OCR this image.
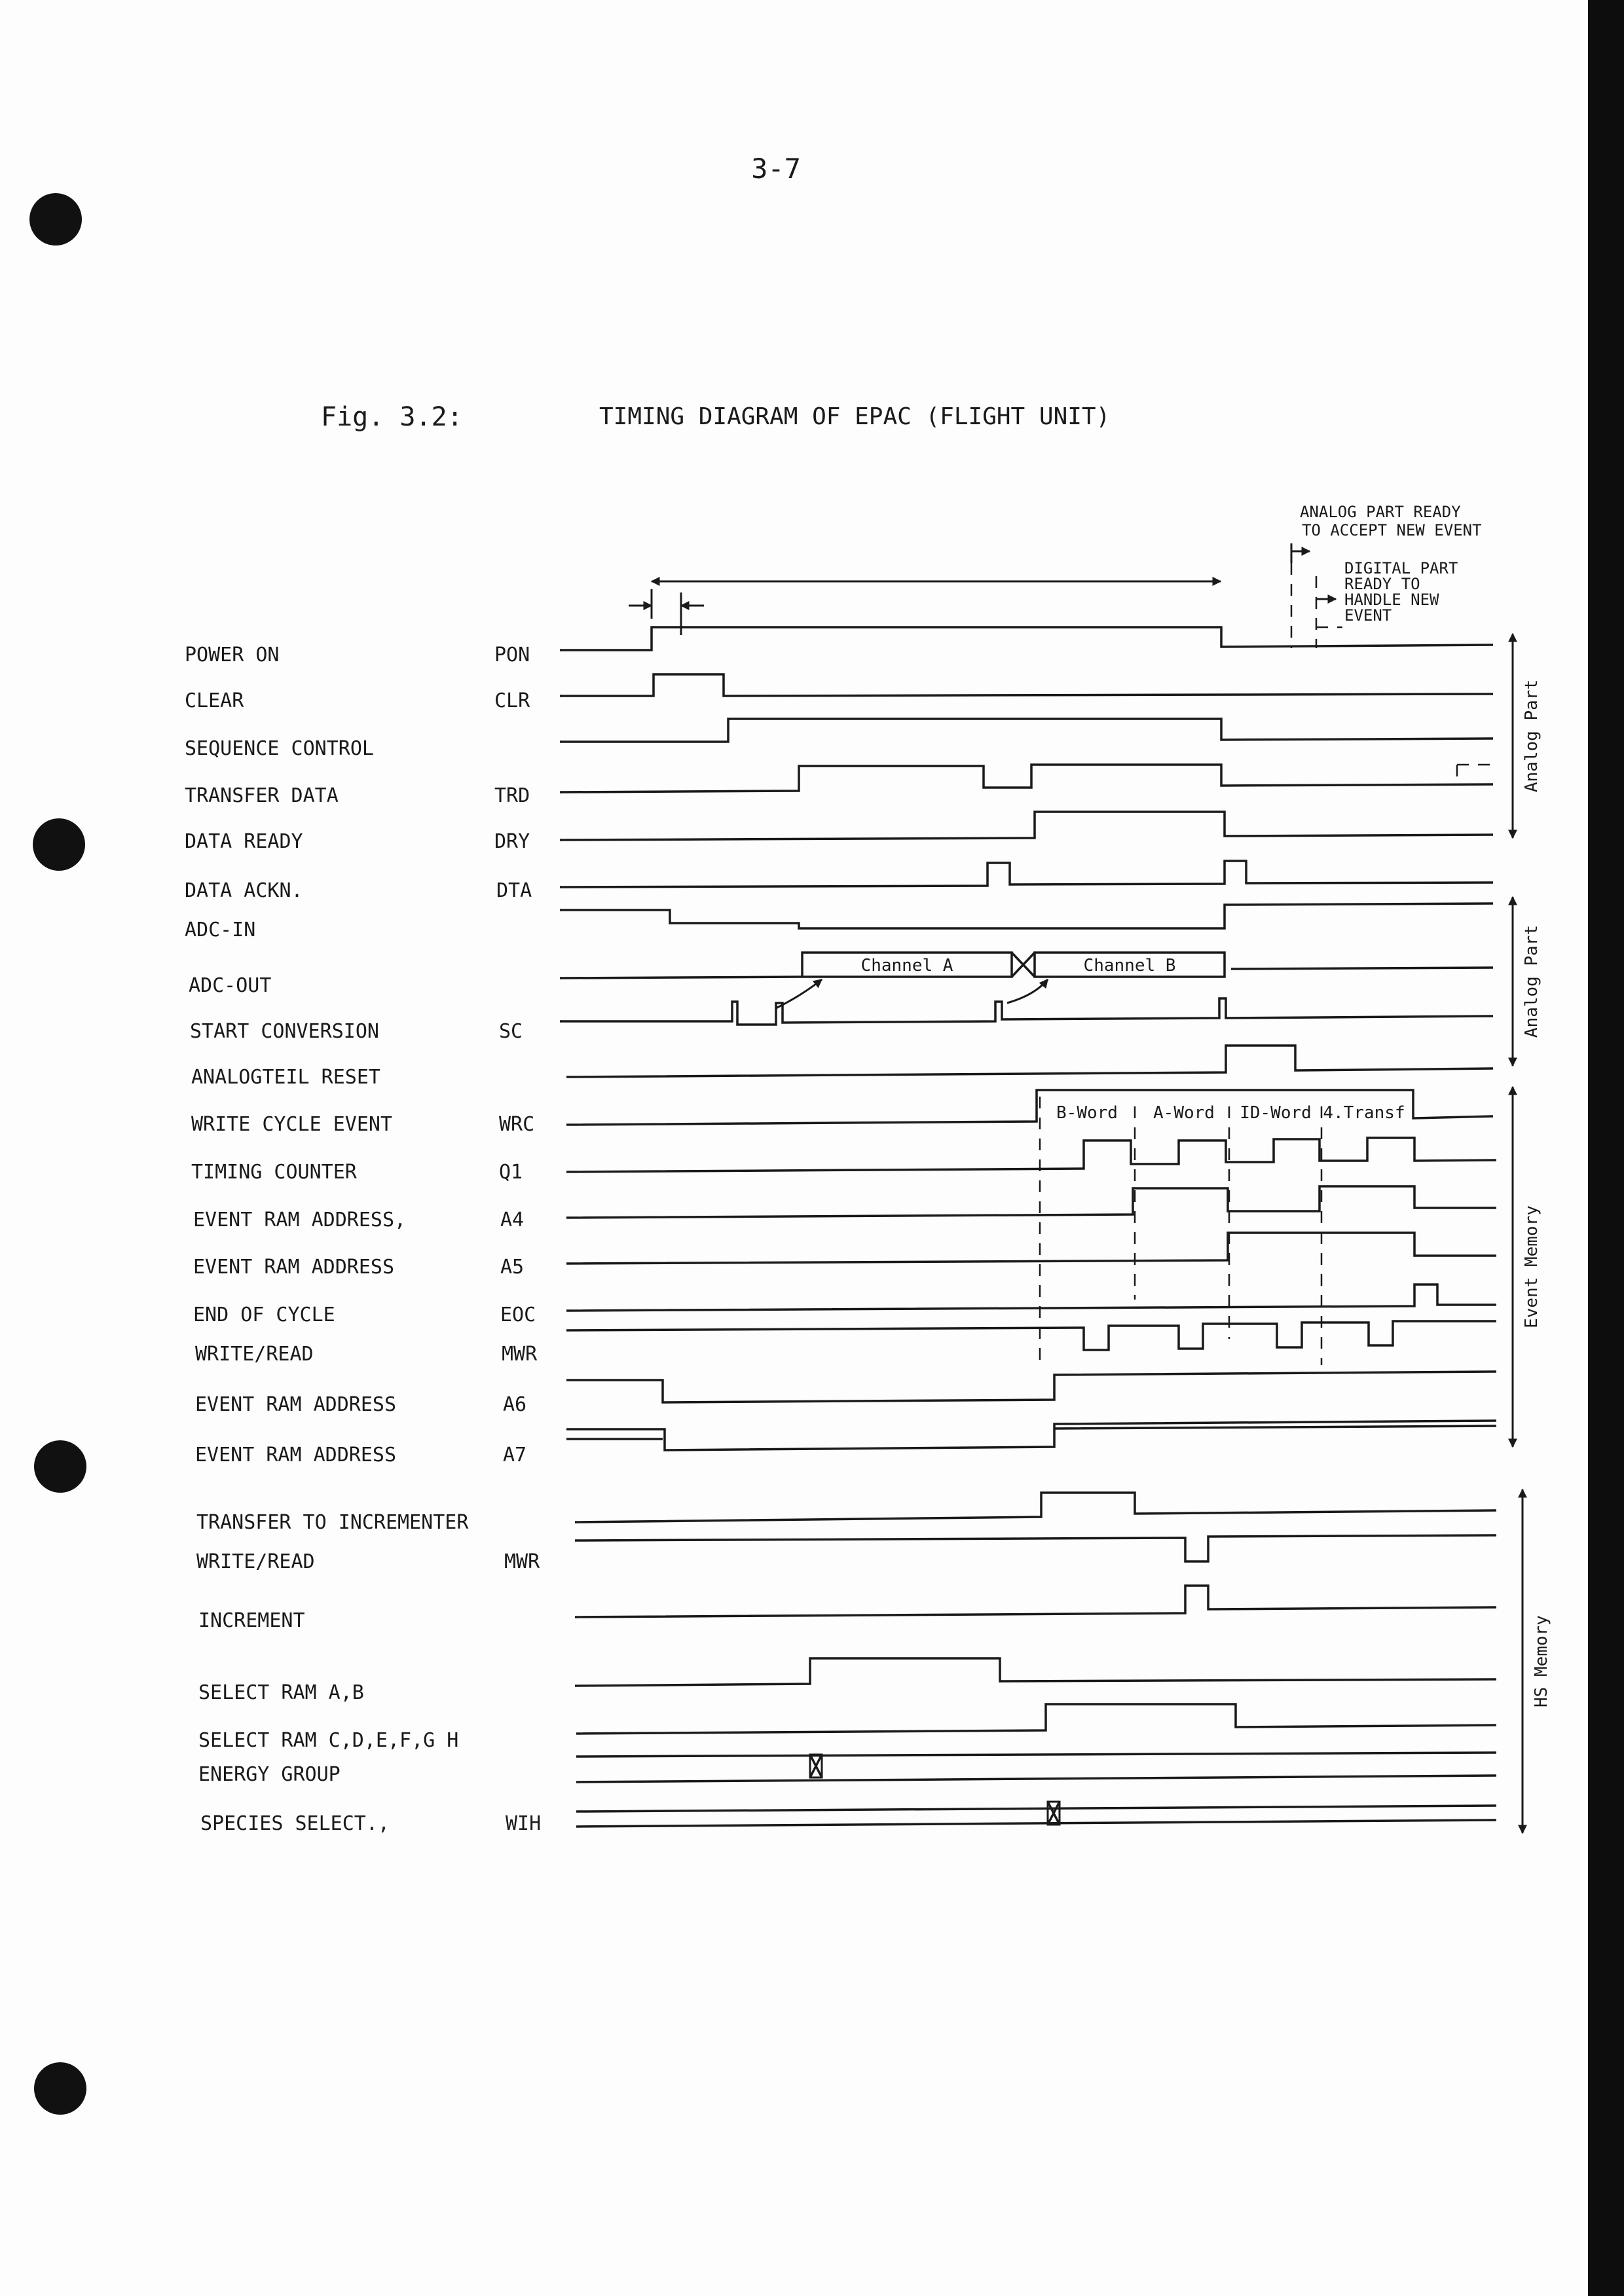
3-7
Fig. 3.2:	TIMING DIAGRAM OF EPAC (FLIGHT UNIT)
ANALOG PART READY
TO ACCEPT NEW EVENT
DIGITAL PART
READY TO
HANDLE NEW
EVENT
POWER ON	PON
CLEAR	CLR
SEQUENCE CONTROL
TRANSFER DATA	TRD
DATA READY	DRY
DATA ACKN.	DTA
ADC-IN
ADC-OUT
START CONVERSION	SC
ANALOGTEIL RESET
WRITE CYCLE EVENT	WRC
TIMING COUNTER	Q1
EVENT RAM ADDRESS,	A4
EVENT RAM ADDRESS	A5
END OF CYCLE	EOC
WRITE/READ	MWR
EVENT RAM ADDRESS	A6
EVENT RAM ADDRESS	A7
TRANSFER TO INCREMENTER
WRITE/READ	MWR
INCREMENT
SELECT RAM A,B
SELECT RAM C,D,E,F,G H
ENERGY GROUP
SPECIES SELECT.,	WIH
Channel A	Channel B
B-Word A-Word ID-Word 4.Transf
Analog Part
Analog Part
Event Memory
HS Memory
